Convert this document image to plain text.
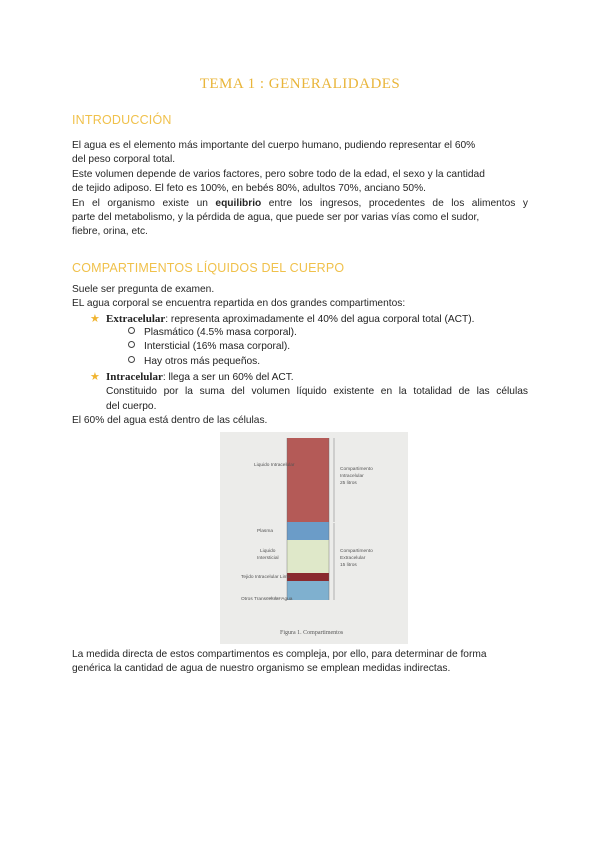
TEMA 1 : GENERALIDADES
INTRODUCCIÓN
El agua es el elemento más importante del cuerpo humano, pudiendo representar el 60%
del peso corporal total.
Este volumen depende de varios factores, pero sobre todo de la edad, el sexo y la cantidad
de tejido adiposo. El feto es 100%, en bebés 80%, adultos 70%, anciano 50%.
En el organismo existe un equilibrio entre los ingresos, procedentes de los alimentos y
parte del metabolismo, y la pérdida de agua, que puede ser por varias vías como el sudor,
fiebre, orina, etc.
COMPARTIMENTOS LÍQUIDOS DEL CUERPO
Suele ser pregunta de examen.
EL agua corporal se encuentra repartida en dos grandes compartimentos:
★ Extracelular: representa aproximadamente el 40% del agua corporal total (ACT).
Plasmático (4.5% masa corporal).
Intersticial (16% masa corporal).
Hay otros más pequeños.
★ Intracelular: llega a ser un 60% del ACT.
Constituido por la suma del volumen líquido existente en la totalidad de las células
del cuerpo.
El 60% del agua está dentro de las células.
Liquido Intracelular
Plasma
Liquido
Intersticial
Tejido Intracelular Linfa
Otros Transcelular Agua
Compartimento
Intracelular
25 litros
Compartimento
Extracelular
15 litros
Figura 1. Compartimentos
La medida directa de estos compartimentos es compleja, por ello, para determinar de forma
genérica la cantidad de agua de nuestro organismo se emplean medidas indirectas.
